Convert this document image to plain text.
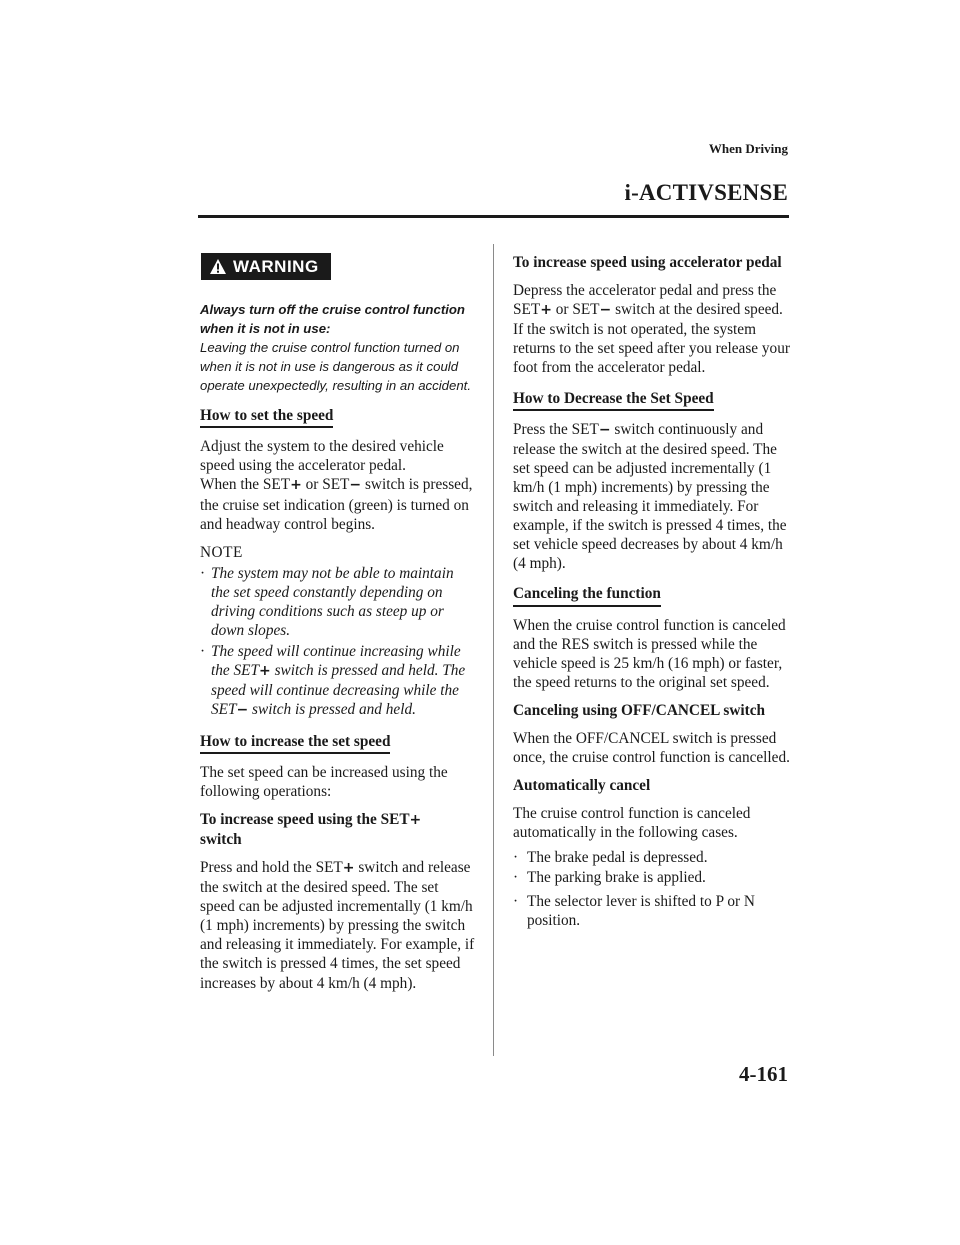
When Driving
i-ACTIVSENSE
WARNING
Always turn off the cruise control function when it is not in use:
Leaving the cruise control function turned on when it is not in use is dangerous as it could operate unexpectedly, resulting in an accident.
How to set the speed
Adjust the system to the desired vehicle speed using the accelerator pedal.
When the SET+ or SET− switch is pressed, the cruise set indication (green) is turned on and headway control begins.
NOTE
· The system may not be able to maintain the set speed constantly depending on driving conditions such as steep up or down slopes.
· The speed will continue increasing while the SET+ switch is pressed and held. The speed will continue decreasing while the SET− switch is pressed and held.
How to increase the set speed
The set speed can be increased using the following operations:
To increase speed using the SET+
switch
Press and hold the SET+ switch and release the switch at the desired speed. The set speed can be adjusted incrementally (1 km/h (1 mph) increments) by pressing the switch and releasing it immediately. For example, if the switch is pressed 4 times, the set speed increases by about 4 km/h (4 mph).
To increase speed using accelerator pedal
Depress the accelerator pedal and press the SET+ or SET− switch at the desired speed.
If the switch is not operated, the system returns to the set speed after you release your foot from the accelerator pedal.
How to Decrease the Set Speed
Press the SET− switch continuously and release the switch at the desired speed. The set speed can be adjusted incrementally (1 km/h (1 mph) increments) by pressing the switch and releasing it immediately. For example, if the switch is pressed 4 times, the set vehicle speed decreases by about 4 km/h (4 mph).
Canceling the function
When the cruise control function is canceled and the RES switch is pressed while the vehicle speed is 25 km/h (16 mph) or faster, the speed returns to the original set speed.
Canceling using OFF/CANCEL switch
When the OFF/CANCEL switch is pressed once, the cruise control function is cancelled.
Automatically cancel
The cruise control function is canceled automatically in the following cases.
· The brake pedal is depressed.
· The parking brake is applied.
· The selector lever is shifted to P or N position.
4-161
